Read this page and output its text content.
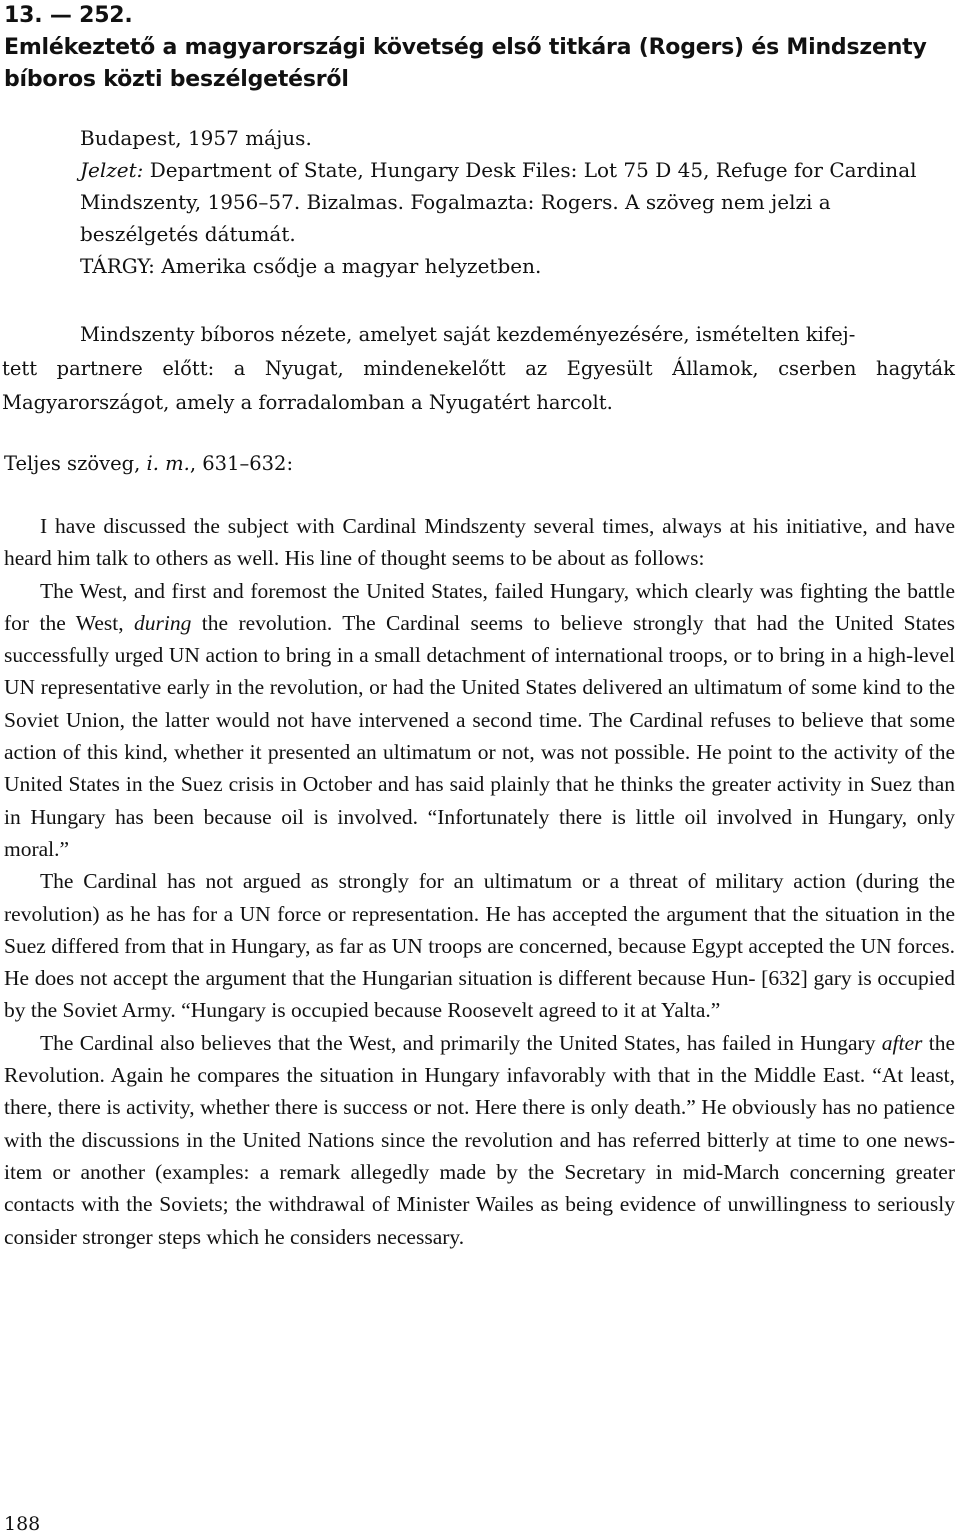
13. — 252.
Emlékeztető a magyarországi követség első titkára (Rogers) és Mindszenty
bíboros közti beszélgetésről
Budapest, 1957 május.
Jelzet: Department of State, Hungary Desk Files: Lot 75 D 45, Refuge for Cardinal Mindszenty, 1956–57. Bizalmas. Fogalmazta: Rogers. A szöveg nem jelzi a beszélgetés dátumát.
TÁRGY: Amerika csődje a magyar helyzetben.
Mindszenty bíboros nézete, amelyet saját kezdeményezésére, ismételten kifej-
tett partnere előtt: a Nyugat, mindenekelőtt az Egyesült Államok, cserben hagyták Magyarországot, amely a forradalomban a Nyugatért harcolt.
Teljes szöveg, i. m., 631–632:

I have discussed the subject with Cardinal Mindszenty several times, always at his initiative, and have heard him talk to others as well. His line of thought seems to be about as follows:

The West, and first and foremost the United States, failed Hungary, which clearly was fighting the battle for the West, during the revolution. The Cardinal seems to believe strongly that had the United States successfully urged UN action to bring in a small detachment of international troops, or to bring in a high-level UN representative early in the revolution, or had the United States delivered an ultimatum of some kind to the Soviet Union, the latter would not have intervened a second time. The Cardinal refuses to believe that some action of this kind, whether it presented an ultimatum or not, was not possible. He point to the activity of the United States in the Suez crisis in October and has said plainly that he thinks the greater activity in Suez than in Hungary has been because oil is involved. “Infortunately there is little oil involved in Hungary, only moral.”

The Cardinal has not argued as strongly for an ultimatum or a threat of military action (during the revolution) as he has for a UN force or representation. He has accepted the argument that the situation in the Suez differed from that in Hungary, as far as UN troops are concerned, because Egypt accepted the UN forces. He does not accept the argument that the Hungarian situation is different because Hun- [632] gary is occupied by the Soviet Army. “Hungary is occupied because Roosevelt agreed to it at Yalta.”

The Cardinal also believes that the West, and primarily the United States, has failed in Hungary after the Revolution. Again he compares the situation in Hungary infavorably with that in the Middle East. “At least, there, there is activity, whether there is success or not. Here there is only death.” He obviously has no patience with the discussions in the United Nations since the revolution and has referred bitterly at time to one news-item or another (examples: a remark allegedly made by the Secretary in mid-March concerning greater contacts with the Soviets; the withdrawal of Minister Wailes as being evidence of unwillingness to seriously consider stronger steps which he considers necessary.

188
